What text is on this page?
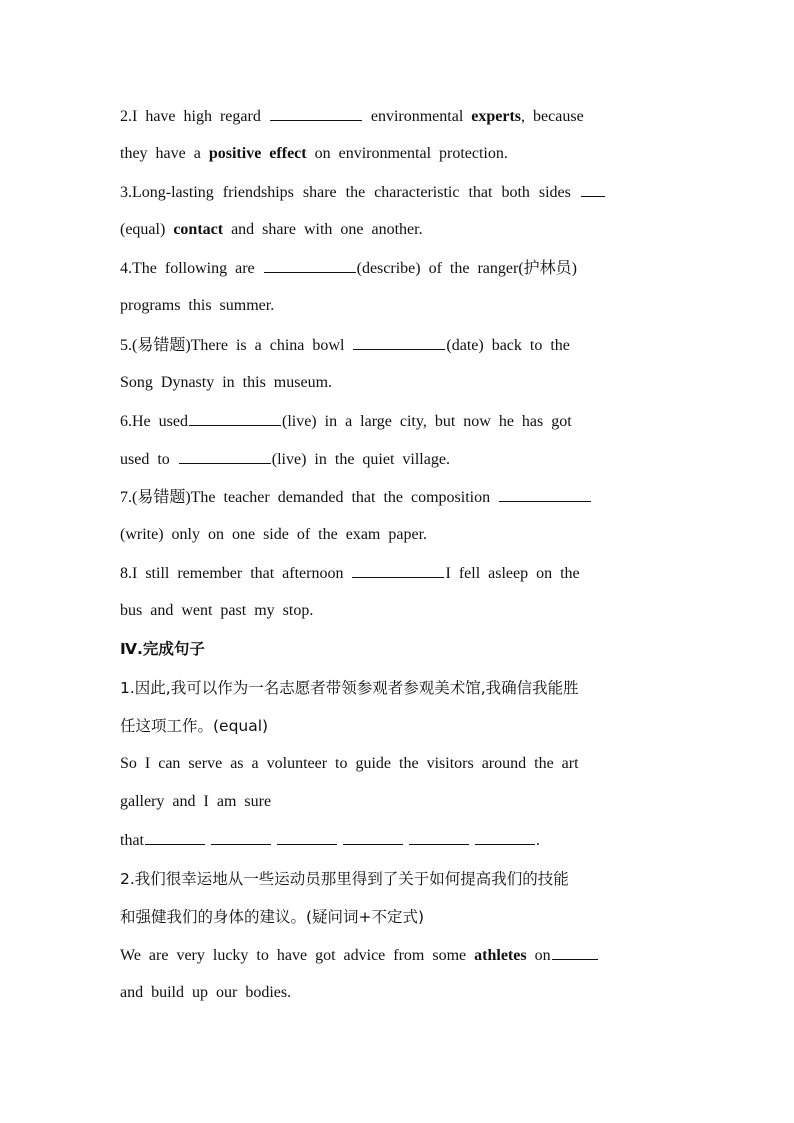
2.I have high regard	environmental experts, because
they have a positive effect on environmental protection.
3.Long-lasting friendships share the characteristic that both sides
(equal) contact and share with one another.
4.The following are	(describe) of the ranger(护林员)
programs this summer.
5.(易错题)There is a china bowl	(date) back to the
Song Dynasty in this museum.
6.He used	(live) in a large city, but now he has got
used to	(live) in the quiet village.
7.(易错题)The teacher demanded that the composition
(write) only on one side of the exam paper.
8.I still remember that afternoon	I fell asleep on the
bus and went past my stop.
Ⅳ.完成句子
1.因此,我可以作为一名志愿者带领参观者参观美术馆,我确信我能胜
任这项工作。(equal)
So I can serve as a volunteer to guide the visitors around the art
gallery and I am sure
that	.
2.我们很幸运地从一些运动员那里得到了关于如何提高我们的技能
和强健我们的身体的建议。(疑问词+不定式)
We are very lucky to have got advice from some athletes on
and build up our bodies.
